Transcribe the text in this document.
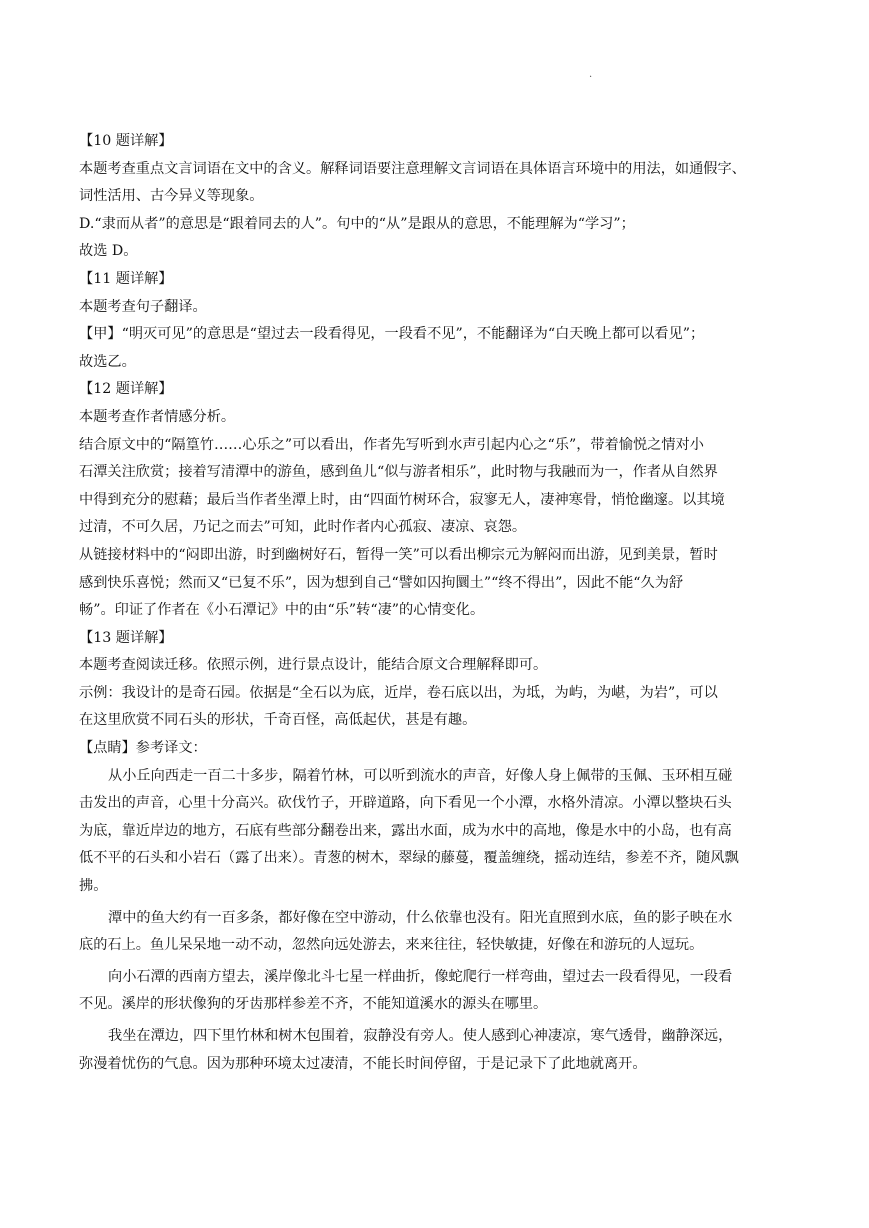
.
【10 题详解】
本题考查重点文言词语在文中的含义。解释词语要注意理解文言词语在具体语言环境中的用法，如通假字、
词性活用、古今异义等现象。
D.“隶而从者”的意思是“跟着同去的人”。句中的“从”是跟从的意思，不能理解为“学习”；
故选 D。
【11 题详解】
本题考查句子翻译。
【甲】“明灭可见”的意思是“望过去一段看得见，一段看不见”，不能翻译为“白天晚上都可以看见”；
故选乙。
【12 题详解】
本题考查作者情感分析。
结合原文中的“隔篁竹……心乐之”可以看出，作者先写听到水声引起内心之“乐”，带着愉悦之情对小
石潭关注欣赏；接着写清潭中的游鱼，感到鱼儿“似与游者相乐”，此时物与我融而为一，作者从自然界
中得到充分的慰藉；最后当作者坐潭上时，由“四面竹树环合，寂寥无人，凄神寒骨，悄怆幽邃。以其境
过清，不可久居，乃记之而去”可知，此时作者内心孤寂、凄凉、哀怨。
从链接材料中的“闷即出游，时到幽树好石，暂得一笑”可以看出柳宗元为解闷而出游，见到美景，暂时
感到快乐喜悦；然而又“已复不乐”，因为想到自己“譬如囚拘圜土”“终不得出”，因此不能“久为舒
畅”。印证了作者在《小石潭记》中的由“乐”转“凄”的心情变化。
【13 题详解】
本题考查阅读迁移。依照示例，进行景点设计，能结合原文合理解释即可。
示例：我设计的是奇石园。依据是“全石以为底，近岸，卷石底以出，为坻，为屿，为嵁，为岩”，可以
在这里欣赏不同石头的形状，千奇百怪，高低起伏，甚是有趣。
【点睛】参考译文：
从小丘向西走一百二十多步，隔着竹林，可以听到流水的声音，好像人身上佩带的玉佩、玉环相互碰
击发出的声音，心里十分高兴。砍伐竹子，开辟道路，向下看见一个小潭，水格外清凉。小潭以整块石头
为底，靠近岸边的地方，石底有些部分翻卷出来，露出水面，成为水中的高地，像是水中的小岛，也有高
低不平的石头和小岩石（露了出来）。青葱的树木，翠绿的藤蔓，覆盖缠绕，摇动连结，参差不齐，随风飘
拂。
潭中的鱼大约有一百多条，都好像在空中游动，什么依靠也没有。阳光直照到水底，鱼的影子映在水
底的石上。鱼儿呆呆地一动不动，忽然向远处游去，来来往往，轻快敏捷，好像在和游玩的人逗玩。
向小石潭的西南方望去，溪岸像北斗七星一样曲折，像蛇爬行一样弯曲，望过去一段看得见，一段看
不见。溪岸的形状像狗的牙齿那样参差不齐，不能知道溪水的源头在哪里。
我坐在潭边，四下里竹林和树木包围着，寂静没有旁人。使人感到心神凄凉，寒气透骨，幽静深远，
弥漫着忧伤的气息。因为那种环境太过凄清，不能长时间停留，于是记录下了此地就离开。
